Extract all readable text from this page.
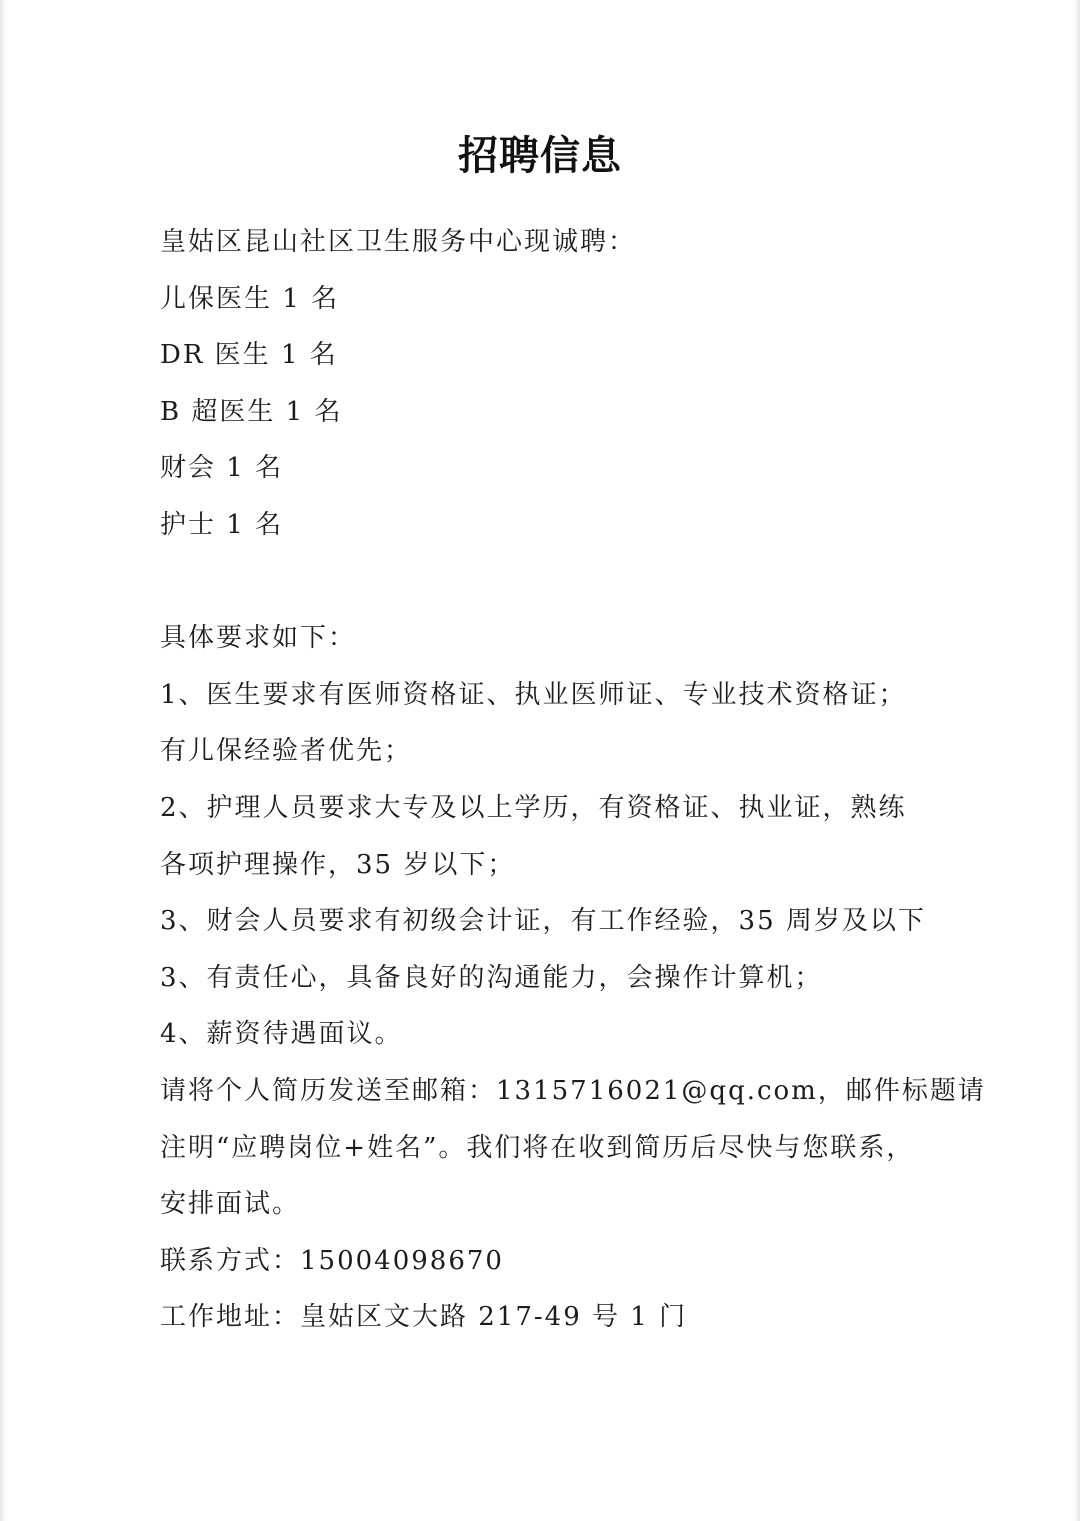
招聘信息
皇姑区昆山社区卫生服务中心现诚聘：
儿保医生 1 名
DR 医生 1 名
B 超医生 1 名
财会 1 名
护士 1 名
具体要求如下：
1、医生要求有医师资格证、执业医师证、专业技术资格证；
有儿保经验者优先；
2、护理人员要求大专及以上学历，有资格证、执业证，熟练
各项护理操作，35 岁以下；
3、财会人员要求有初级会计证，有工作经验，35 周岁及以下
3、有责任心，具备良好的沟通能力，会操作计算机；
4、薪资待遇面议。
请将个人简历发送至邮箱：1315716021@qq.com，邮件标题请
注明“应聘岗位+姓名”。我们将在收到简历后尽快与您联系，
安排面试。
联系方式：15004098670
工作地址：皇姑区文大路 217-49 号 1 门
